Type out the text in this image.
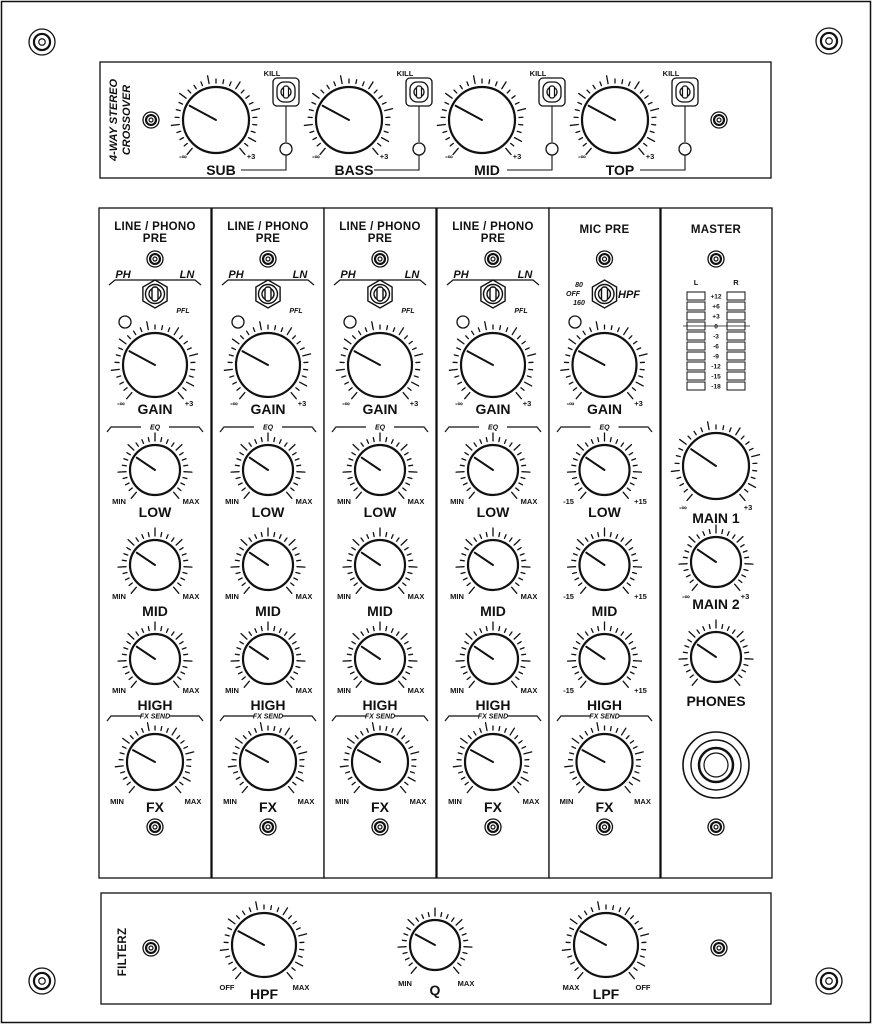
4-WAY STEREO CROSSOVER
-∞	+3
SUB
KILL
-∞	+3
BASS
KILL
-∞	+3
MID
KILL
-∞	+3
TOP
KILL
LINE / PHONO
PRE
PH	LN
PFL
-∞	+3
GAIN
EQ
MIN	MAX
LOW
MIN	MAX
MID
MIN	MAX
HIGH
FX SEND
MIN	MAX
FX
LINE / PHONO
PRE
PH	LN
PFL
-∞	+3
GAIN
EQ
MIN	MAX
LOW
MIN	MAX
MID
MIN	MAX
HIGH
FX SEND
MIN	MAX
FX
LINE / PHONO
PRE
PH	LN
PFL
-∞	+3
GAIN
EQ
MIN	MAX
LOW
MIN	MAX
MID
MIN	MAX
HIGH
FX SEND
MIN	MAX
FX
LINE / PHONO
PRE
PH	LN
PFL
-∞	+3
GAIN
EQ
MIN	MAX
LOW
MIN	MAX
MID
MIN	MAX
HIGH
FX SEND
MIN	MAX
FX
MIC PRE
80
OFF
160
HPF
-∞	+3
GAIN
EQ
-15	+15
LOW
-15	+15
MID
-15	+15
HIGH
FX SEND
MIN	MAX
FX
MASTER
L	R
+12
+6
+3
0
-3
-6
-9
-12
-15
-18
-∞	+3
MAIN 1
-∞	+3
MAIN 2
PHONES
FILTERZ
OFF	MAX
HPF
MIN	MAX
Q	MAX	OFF
LPF
